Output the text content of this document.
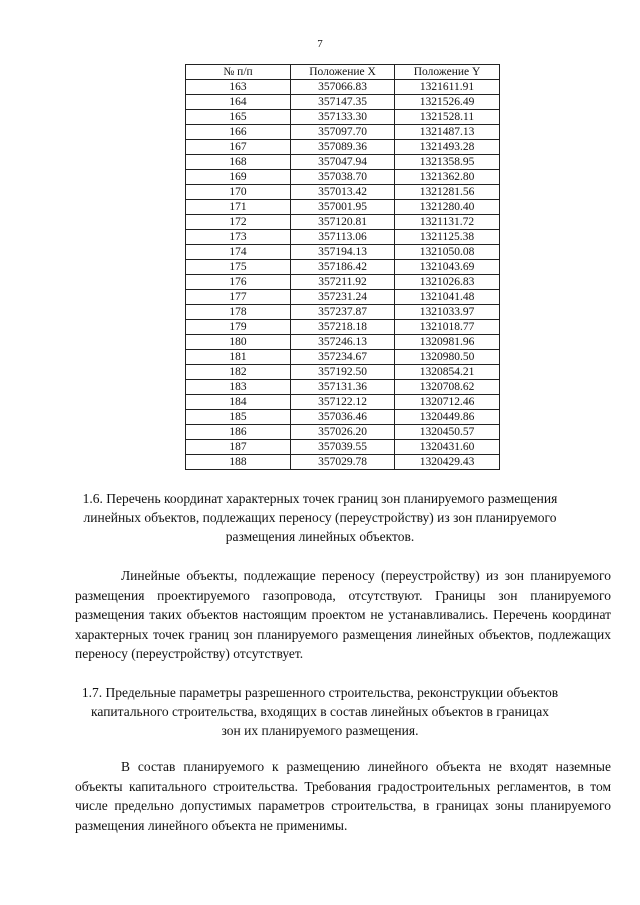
7
№ п/п	Положение X	Положение Y
163	357066.83	1321611.91
164	357147.35	1321526.49
165	357133.30	1321528.11
166	357097.70	1321487.13
167	357089.36	1321493.28
168	357047.94	1321358.95
169	357038.70	1321362.80
170	357013.42	1321281.56
171	357001.95	1321280.40
172	357120.81	1321131.72
173	357113.06	1321125.38
174	357194.13	1321050.08
175	357186.42	1321043.69
176	357211.92	1321026.83
177	357231.24	1321041.48
178	357237.87	1321033.97
179	357218.18	1321018.77
180	357246.13	1320981.96
181	357234.67	1320980.50
182	357192.50	1320854.21
183	357131.36	1320708.62
184	357122.12	1320712.46
185	357036.46	1320449.86
186	357026.20	1320450.57
187	357039.55	1320431.60
188	357029.78	1320429.43
1.6. Перечень координат характерных точек границ зон планируемого размещения линейных объектов, подлежащих переносу (переустройству) из зон планируемого размещения линейных объектов.
Линейные объекты, подлежащие переносу (переустройству) из зон планируемого размещения проектируемого газопровода, отсутствуют. Границы зон планируемого размещения таких объектов настоящим проектом не устанавливались. Перечень координат характерных точек границ зон планируемого размещения линейных объектов, подлежащих переносу (переустройству) отсутствует.
1.7. Предельные параметры разрешенного строительства, реконструкции объектов капитального строительства, входящих в состав линейных объектов в границах зон их планируемого размещения.
В состав планируемого к размещению линейного объекта не входят наземные объекты капитального строительства. Требования градостроительных регламентов, в том числе предельно допустимых параметров строительства, в границах зоны планируемого размещения линейного объекта не применимы.
